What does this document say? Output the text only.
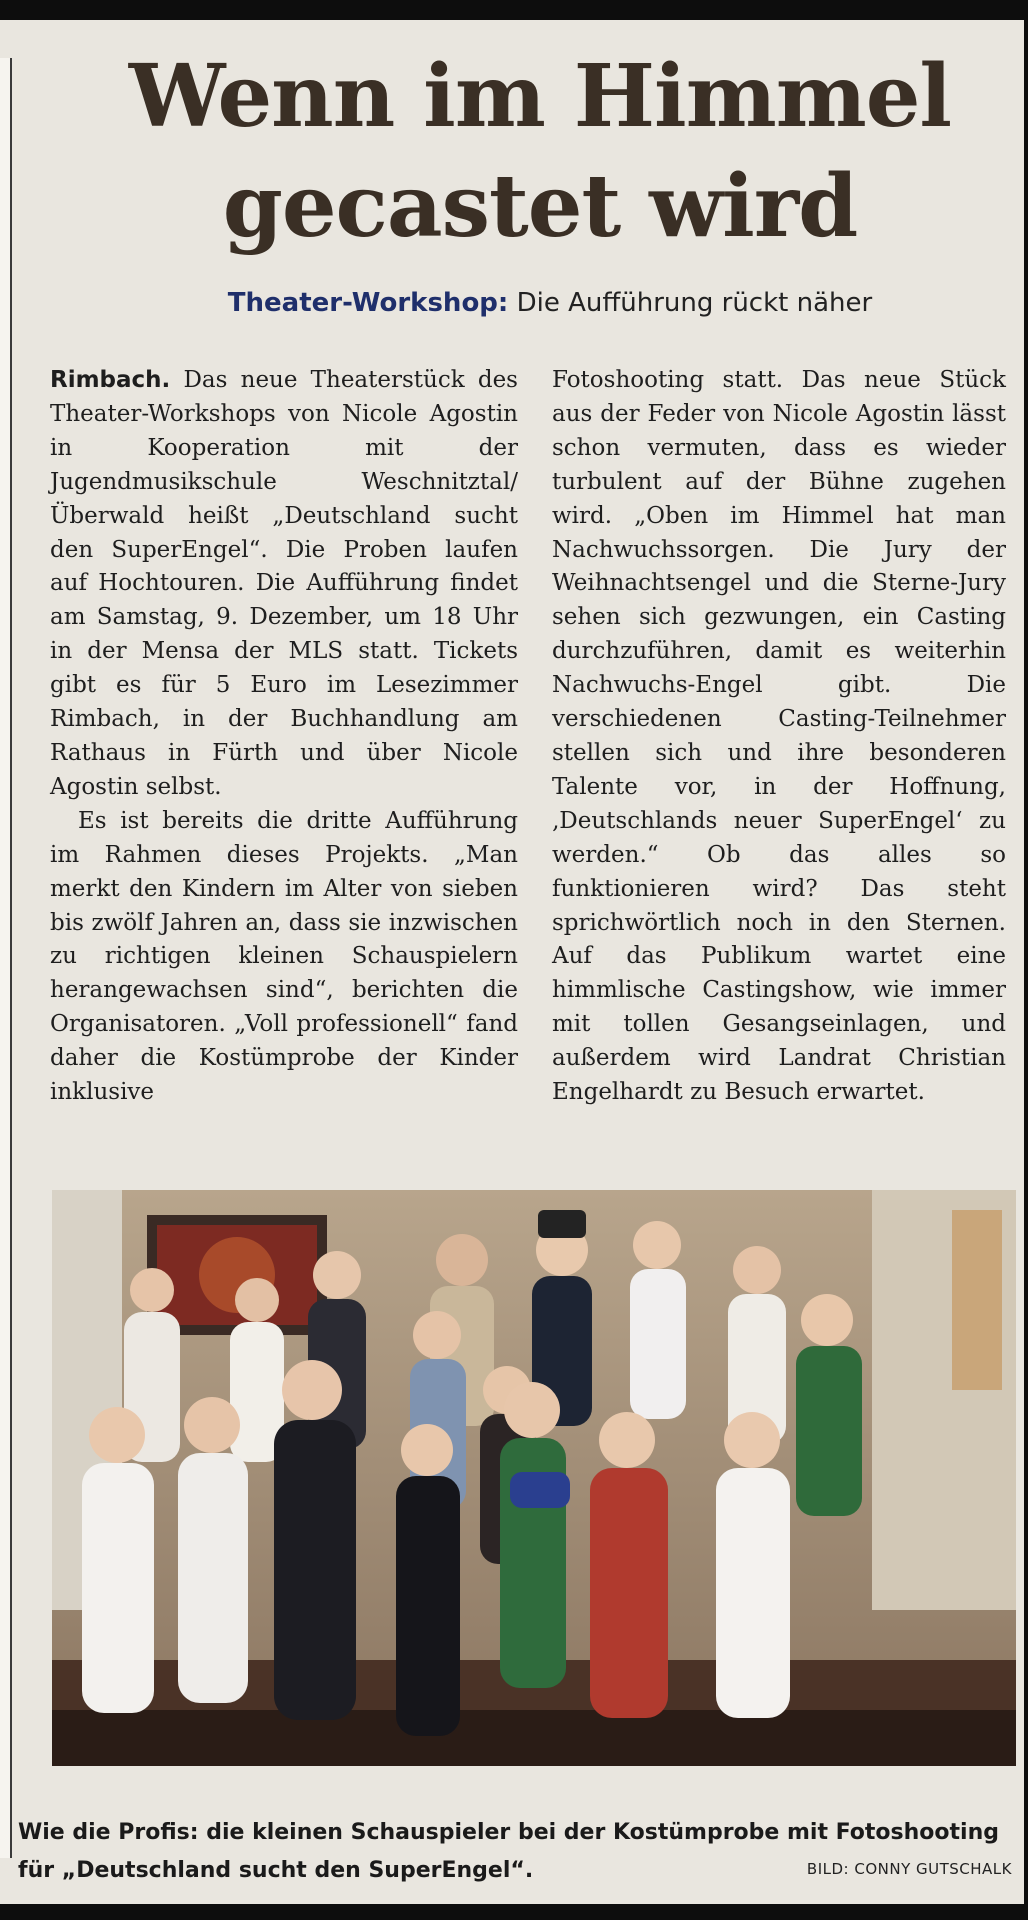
Wenn im Himmel
gecastet wird
Theater-Workshop: Die Aufführung rückt näher

Rimbach. Das neue Theaterstück des Theater-Workshops von Nicole Agostin in Kooperation mit der Jugendmusikschule Weschnitztal/ Überwald heißt „Deutschland sucht den SuperEngel“. Die Proben laufen auf Hochtouren. Die Aufführung findet am Samstag, 9. Dezember, um 18 Uhr in der Mensa der MLS statt. Tickets gibt es für 5 Euro im Lesezimmer Rimbach, in der Buchhandlung am Rathaus in Fürth und über Nicole Agostin selbst.

Es ist bereits die dritte Aufführung im Rahmen dieses Projekts. „Man merkt den Kindern im Alter von sieben bis zwölf Jahren an, dass sie inzwischen zu richtigen kleinen Schauspielern herangewachsen sind“, berichten die Organisatoren. „Voll professionell“ fand daher die Kostümprobe der Kinder inklusive

Fotoshooting statt. Das neue Stück aus der Feder von Nicole Agostin lässt schon vermuten, dass es wieder turbulent auf der Bühne zugehen wird. „Oben im Himmel hat man Nachwuchssorgen. Die Jury der Weihnachtsengel und die Sterne-Jury sehen sich gezwungen, ein Casting durchzuführen, damit es weiterhin Nachwuchs-Engel gibt. Die verschiedenen Casting-Teilnehmer stellen sich und ihre besonderen Talente vor, in der Hoffnung, ‚Deutschlands neuer SuperEngel‘ zu werden.“ Ob das alles so funktionieren wird? Das steht sprichwörtlich noch in den Sternen. Auf das Publikum wartet eine himmlische Castingshow, wie immer mit tollen Gesangseinlagen, und außerdem wird Landrat Christian Engelhardt zu Besuch erwartet.

Wie die Profis: die kleinen Schauspieler bei der Kostümprobe mit Fotoshooting für „Deutschland sucht den SuperEngel“.	BILD: CONNY GUTSCHALK
